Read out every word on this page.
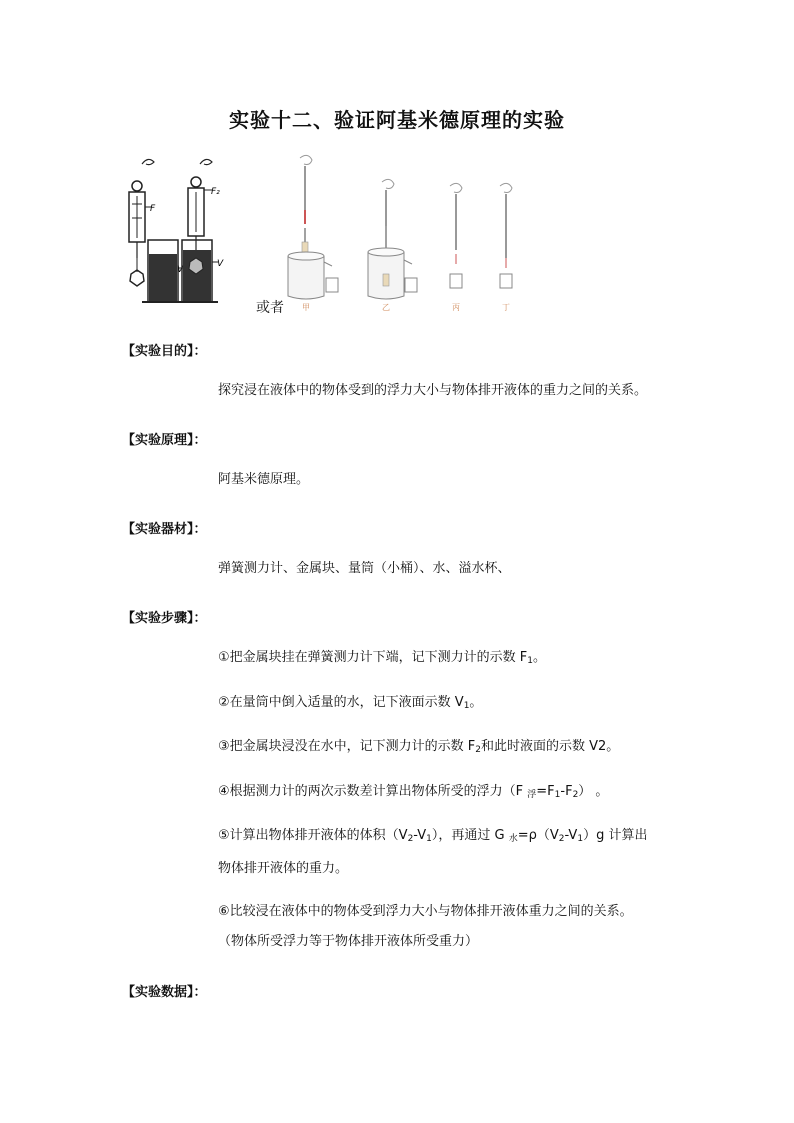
实验十二、验证阿基米德原理的实验
F
V
F₂
V
甲	乙	丙	丁
或者
【实验目的】：
探究浸在液体中的物体受到的浮力大小与物体排开液体的重力之间的关系。
【实验原理】：
阿基米德原理。
【实验器材】：
弹簧测力计、金属块、量筒（小桶）、水、溢水杯、
【实验步骤】：
①把金属块挂在弹簧测力计下端，记下测力计的示数 $F_1$。
②在量筒中倒入适量的水，记下液面示数 $V_1$。
③把金属块浸没在水中，记下测力计的示数 $F_2$和此时液面的示数 V2。
④根据测力计的两次示数差计算出物体所受的浮力（F $_浮=F_1-F_2$） 。
⑤计算出物体排开液体的体积$(V_2-V_1)$，再通过 G $_水=\rho(V_2-V_1)g$ 计算出
物体排开液体的重力。
⑥比较浸在液体中的物体受到浮力大小与物体排开液体重力之间的关系。
（物体所受浮力等于物体排开液体所受重力）
【实验数据】：
